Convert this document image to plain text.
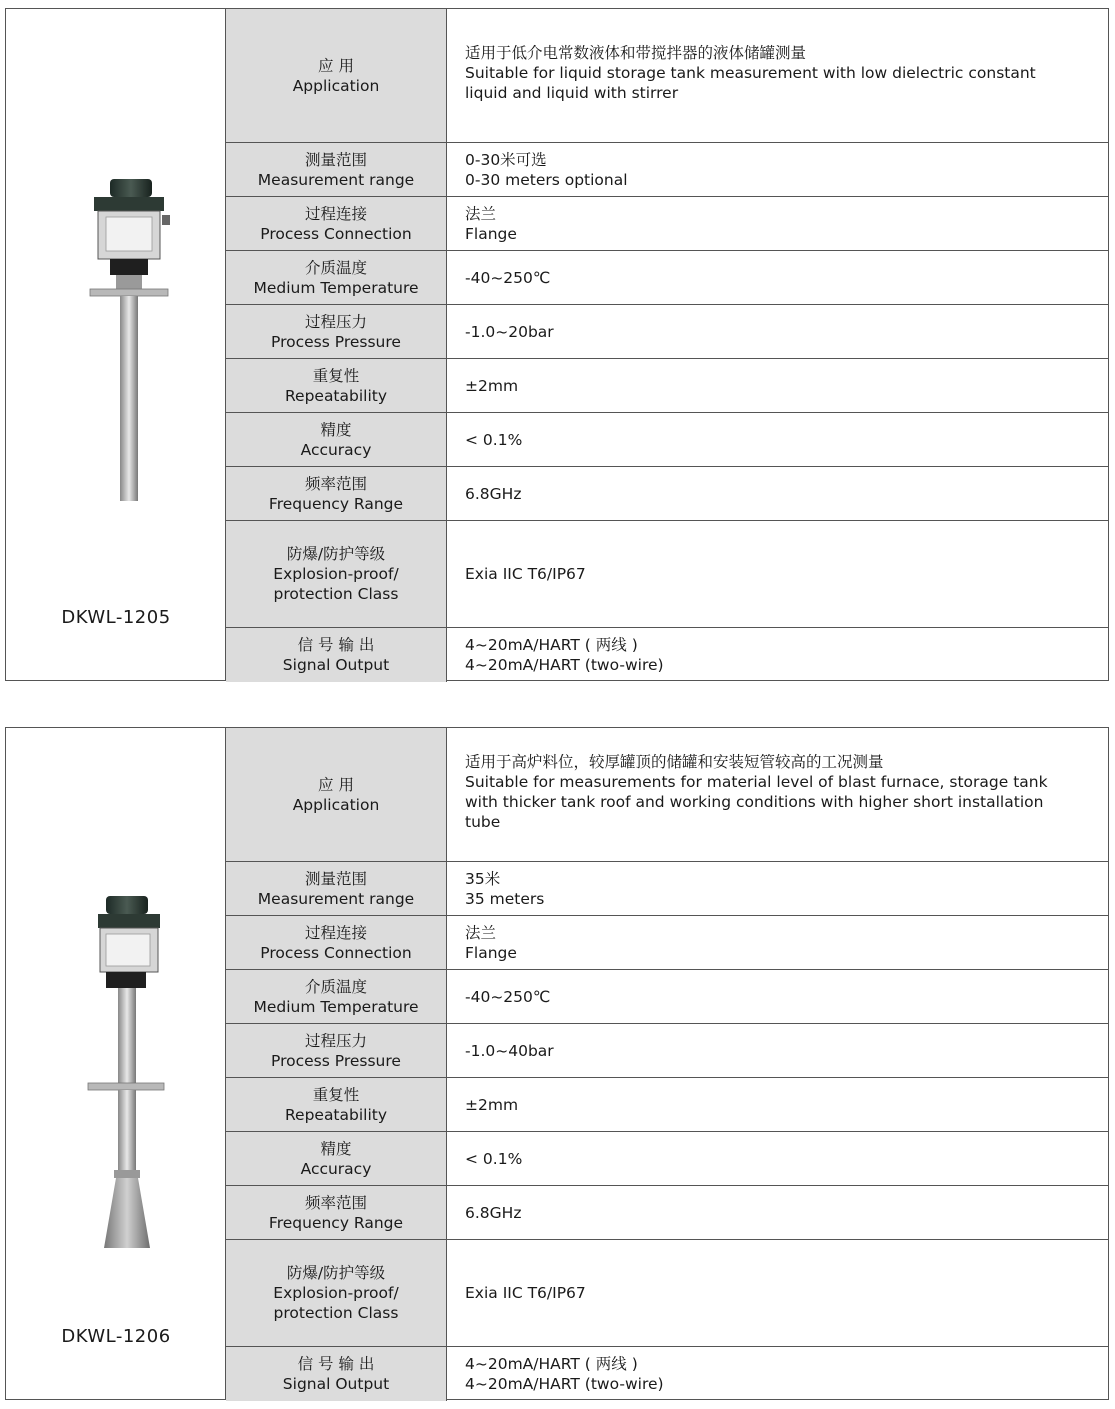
DKWL-1205
应 用
Application
适用于低介电常数液体和带搅拌器的液体储罐测量
Suitable for liquid storage tank measurement with low dielectric constant
liquid and liquid with stirrer
测量范围
Measurement range
0-30米可选
0-30 meters optional
过程连接
Process Connection
法兰
Flange
介质温度
Medium Temperature
-40~250℃
过程压力
Process Pressure
-1.0~20bar
重复性
Repeatability
±2mm
精度
Accuracy
< 0.1%
频率范围
Frequency Range
6.8GHz
防爆/防护等级
Explosion-proof/
protection Class
Exia IIC T6/IP67
信 号 输 出
Signal Output
4~20mA/HART ( 两线 )
4~20mA/HART (two-wire)
DKWL-1206
应 用
Application
适用于高炉料位，较厚罐顶的储罐和安装短管较高的工况测量
Suitable for measurements for material level of blast furnace, storage tank
with thicker tank roof and working conditions with higher short installation
tube
测量范围
Measurement range
35米
35 meters
过程连接
Process Connection
法兰
Flange
介质温度
Medium Temperature
-40~250℃
过程压力
Process Pressure
-1.0~40bar
重复性
Repeatability
±2mm
精度
Accuracy
< 0.1%
频率范围
Frequency Range
6.8GHz
防爆/防护等级
Explosion-proof/
protection Class
Exia IIC T6/IP67
信 号 输 出
Signal Output
4~20mA/HART ( 两线 )
4~20mA/HART (two-wire)
